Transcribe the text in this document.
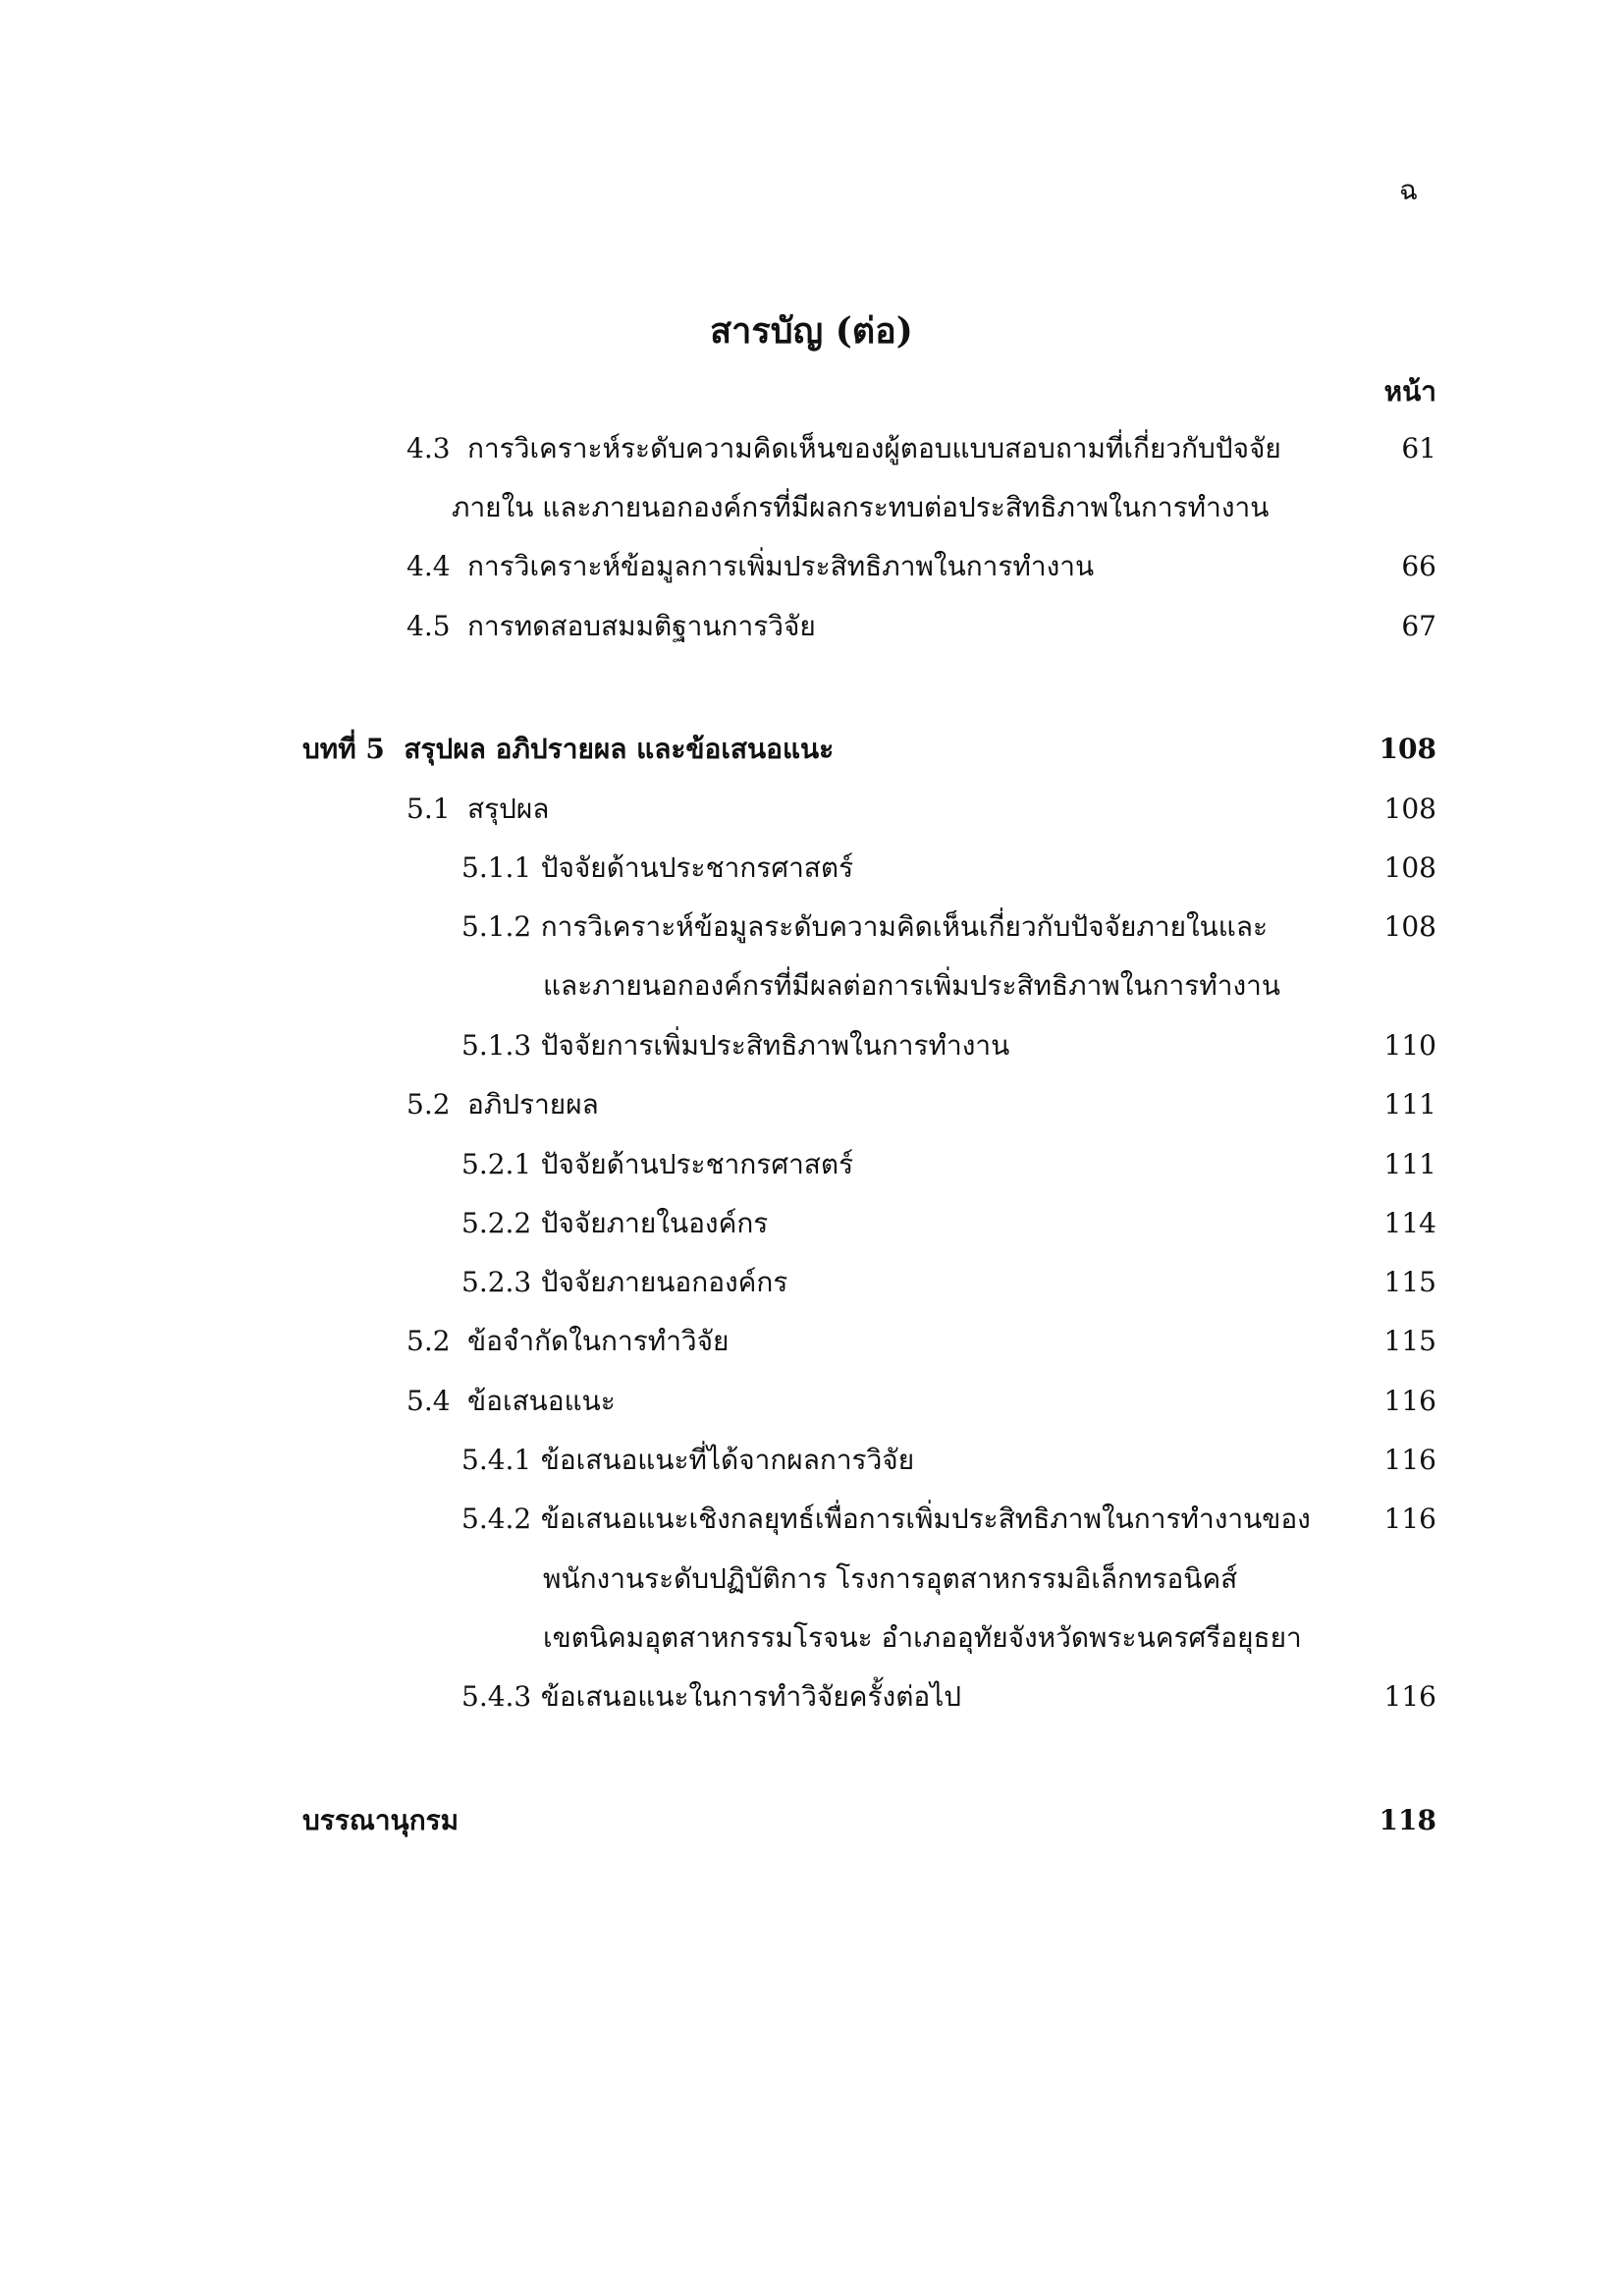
ฉ
สารบัญ (ต่อ)
หน้า
4.3 การวิเคราะห์ระดับความคิดเห็นของผู้ตอบแบบสอบถามที่เกี่ยวกับปัจจัย	61
ภายใน และภายนอกองค์กรที่มีผลกระทบต่อประสิทธิภาพในการทำงาน
4.4 การวิเคราะห์ข้อมูลการเพิ่มประสิทธิภาพในการทำงาน	66
4.5 การทดสอบสมมติฐานการวิจัย	67
บทที่ 5 สรุปผล อภิปรายผล และข้อเสนอแนะ	108
5.1 สรุปผล	108
5.1.1 ปัจจัยด้านประชากรศาสตร์	108
5.1.2 การวิเคราะห์ข้อมูลระดับความคิดเห็นเกี่ยวกับปัจจัยภายในและ	108
และภายนอกองค์กรที่มีผลต่อการเพิ่มประสิทธิภาพในการทำงาน
5.1.3 ปัจจัยการเพิ่มประสิทธิภาพในการทำงาน	110
5.2 อภิปรายผล	111
5.2.1 ปัจจัยด้านประชากรศาสตร์	111
5.2.2 ปัจจัยภายในองค์กร	114
5.2.3 ปัจจัยภายนอกองค์กร	115
5.2 ข้อจำกัดในการทำวิจัย	115
5.4 ข้อเสนอแนะ	116
5.4.1 ข้อเสนอแนะที่ได้จากผลการวิจัย	116
5.4.2 ข้อเสนอแนะเชิงกลยุทธ์เพื่อการเพิ่มประสิทธิภาพในการทำงานของ	116
พนักงานระดับปฏิบัติการ โรงการอุตสาหกรรมอิเล็กทรอนิคส์
เขตนิคมอุตสาหกรรมโรจนะ อำเภออุทัยจังหวัดพระนครศรีอยุธยา
5.4.3 ข้อเสนอแนะในการทำวิจัยครั้งต่อไป	116
บรรณานุกรม	118
